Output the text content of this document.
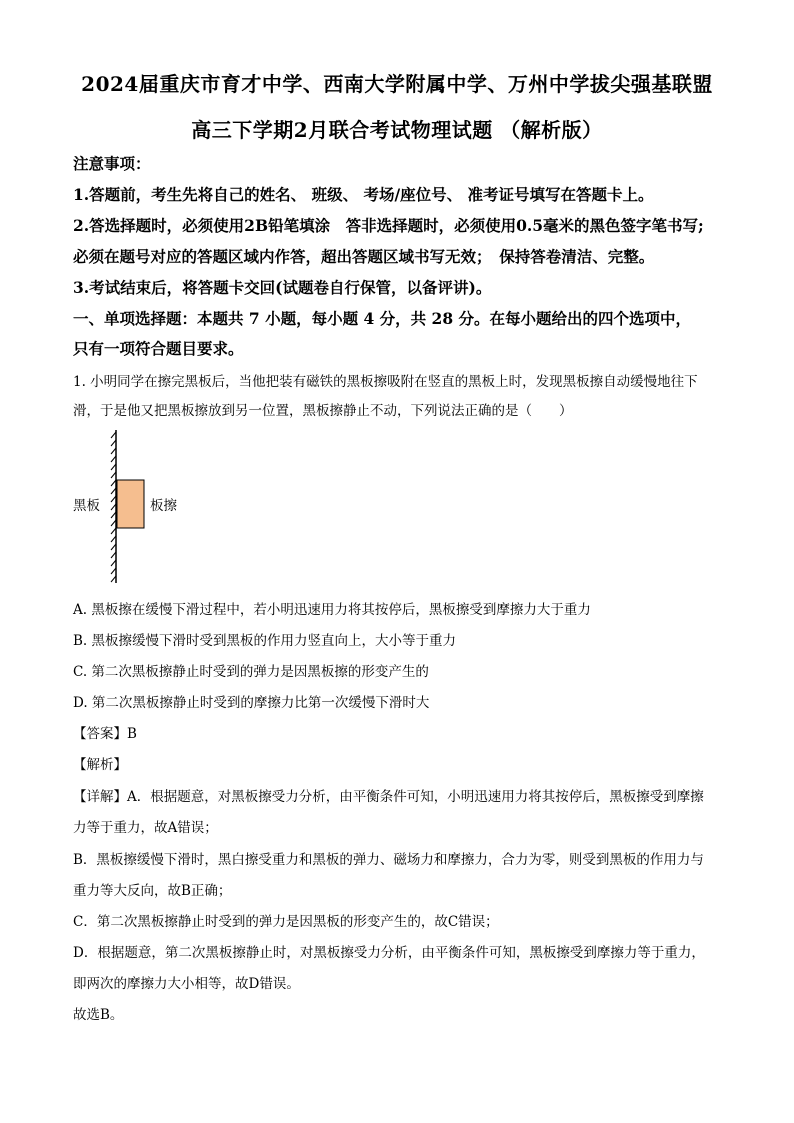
2024届重庆市育才中学、西南大学附属中学、万州中学拔尖强基联盟
高三下学期2月联合考试物理试题 （解析版）
注意事项：
1.答题前，考生先将自己的姓名、 班级、 考场/座位号、 准考证号填写在答题卡上。
2.答选择题时，必须使用2B铅笔填涂　答非选择题时，必须使用0.5毫米的黑色签字笔书写;
必须在题号对应的答题区域内作答，超出答题区域书写无效；　保持答卷清洁、完整。
3.考试结束后，将答题卡交回(试题卷自行保管，以备评讲)。
一、单项选择题：本题共 7 小题，每小题 4 分，共 28 分。在每小题给出的四个选项中，
只有一项符合题目要求。
1. 小明同学在擦完黑板后，当他把装有磁铁的黑板擦吸附在竖直的黑板上时，发现黑板擦自动缓慢地往下
滑，于是他又把黑板擦放到另一位置，黑板擦静止不动，下列说法正确的是（　　）
黑板	板擦
A. 黑板擦在缓慢下滑过程中，若小明迅速用力将其按停后，黑板擦受到摩擦力大于重力
B. 黑板擦缓慢下滑时受到黑板的作用力竖直向上，大小等于重力
C. 第二次黑板擦静止时受到的弹力是因黑板擦的形变产生的
D. 第二次黑板擦静止时受到的摩擦力比第一次缓慢下滑时大
【答案】B
【解析】
【详解】A．根据题意，对黑板擦受力分析，由平衡条件可知，小明迅速用力将其按停后，黑板擦受到摩擦
力等于重力，故A错误；
B．黑板擦缓慢下滑时，黑白擦受重力和黑板的弹力、磁场力和摩擦力，合力为零，则受到黑板的作用力与
重力等大反向，故B正确；
C．第二次黑板擦静止时受到的弹力是因黑板的形变产生的，故C错误；
D．根据题意，第二次黑板擦静止时，对黑板擦受力分析，由平衡条件可知，黑板擦受到摩擦力等于重力，
即两次的摩擦力大小相等，故D错误。
故选B。
